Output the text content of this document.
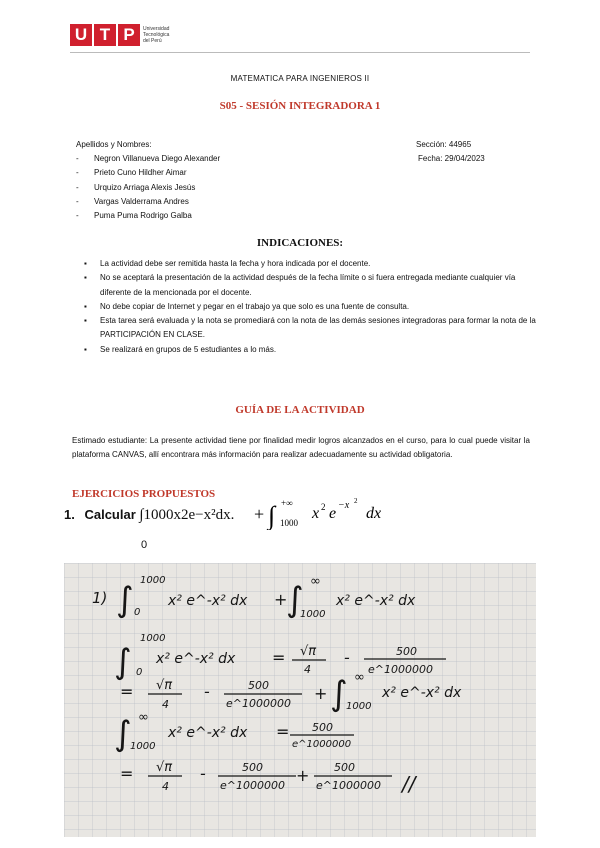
U T P	Universidad
Tecnológica
del Perú
MATEMATICA PARA INGENIEROS II
S05 - SESIÓN INTEGRADORA 1
Apellidos y Nombres:
-	Negron Villanueva Diego Alexander
-	Prieto Cuno Hildher Aimar
-	Urquizo Arriaga Alexis Jesús
-	Vargas Valderrama Andres
-	Puma Puma Rodrigo Galba
Sección: 44965
Fecha: 29/04/2023
INDICACIONES:
▪	La actividad debe ser remitida hasta la fecha y hora indicada por el docente.
▪	No se aceptará la presentación de la actividad después de la fecha límite o si fuera entregada mediante cualquier vía diferente de la mencionada por el docente.
▪	No debe copiar de Internet y pegar en el trabajo ya que solo es una fuente de consulta.
▪	Esta tarea será evaluada y la nota se promediará con la nota de las demás sesiones integradoras para formar la nota de la PARTICIPACIÓN EN CLASE.
▪	Se realizará en grupos de 5 estudiantes a lo más.
GUÍA DE LA ACTIVIDAD
Estimado estudiante: La presente actividad tiene por finalidad medir logros alcanzados en el curso, para lo cual puede visitar la plataforma CANVAS, allí encontrara más información para realizar adecuadamente su actividad obligatoria.
EJERCICIOS PROPUESTOS
1. Calcular ∫1000x2e−x²dx. + ∫ +∞
1000
x 2 e −x 2
dx
0
1) ∫ 1000
0
x² e^-x² dx +
∫ ∞
1000
x² e^-x² dx
∫
1000
0
x² e^-x² dx = √π
4
-	500
e^1000000
= √π
4
-	500
e^1000000
+ ∫ ∞
1000
x² e^-x² dx
∫ ∞
1000
x² e^-x² dx = 500
e^1000000
= √π
4
-	500
e^1000000
+ 500
e^1000000 //
